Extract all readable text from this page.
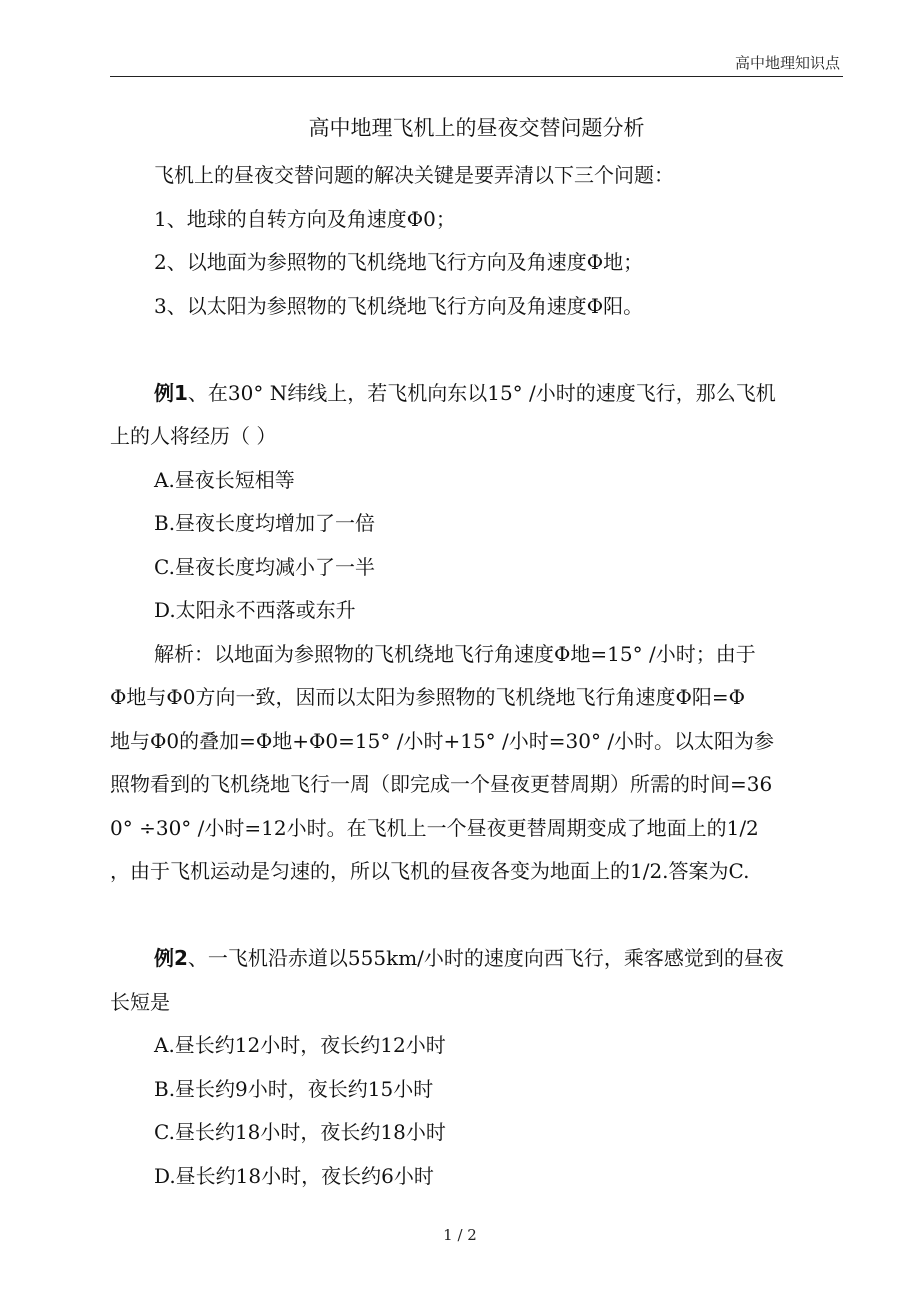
高中地理知识点
高中地理飞机上的昼夜交替问题分析

飞机上的昼夜交替问题的解决关键是要弄清以下三个问题：

1、地球的自转方向及角速度Φ0；

2、以地面为参照物的飞机绕地飞行方向及角速度Φ地；

3、以太阳为参照物的飞机绕地飞行方向及角速度Φ阳。

例1、在30° N纬线上，若飞机向东以15° /小时的速度飞行，那么飞机

上的人将经历（ ）

A.昼夜长短相等

B.昼夜长度均增加了一倍

C.昼夜长度均减小了一半

D.太阳永不西落或东升

解析：以地面为参照物的飞机绕地飞行角速度Φ地=15° /小时；由于

Φ地与Φ0方向一致，因而以太阳为参照物的飞机绕地飞行角速度Φ阳=Φ

地与Φ0的叠加=Φ地+Φ0=15° /小时+15° /小时=30° /小时。以太阳为参

照物看到的飞机绕地飞行一周（即完成一个昼夜更替周期）所需的时间=36

0° ÷30° /小时=12小时。在飞机上一个昼夜更替周期变成了地面上的1/2

，由于飞机运动是匀速的，所以飞机的昼夜各变为地面上的1/2.答案为C.

例2、一飞机沿赤道以555km/小时的速度向西飞行，乘客感觉到的昼夜

长短是

A.昼长约12小时，夜长约12小时

B.昼长约9小时，夜长约15小时

C.昼长约18小时，夜长约18小时

D.昼长约18小时，夜长约6小时

1 / 2
